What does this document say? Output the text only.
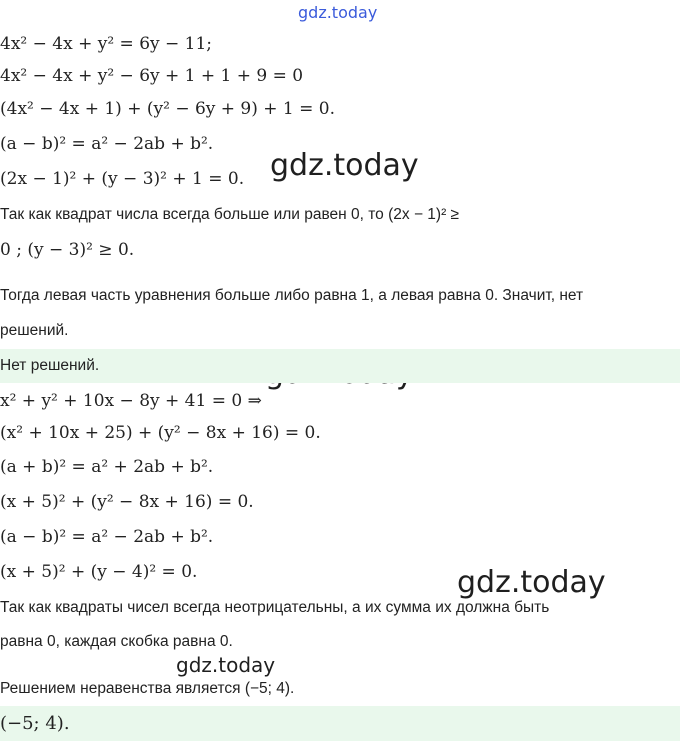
gdz.today
gdz.today
gdz.today
gdz.today
4x² − 4x + y² = 6y − 11;
4x² − 4x + y² − 6y + 1 + 1 + 9 = 0
(4x² − 4x + 1) + (y² − 6y + 9) + 1 = 0.
(a − b)² = a² − 2ab + b².
(2x − 1)² + (y − 3)² + 1 = 0.
Так как квадрат числа всегда больше или равен 0, то (2x − 1)² ≥
0 ; (y − 3)² ≥ 0.
Тогда левая часть уравнения больше либо равна 1, а левая равна 0. Значит, нет
решений.
Нет решений.
x² + y² + 10x − 8y + 41 = 0 ⇒
(x² + 10x + 25) + (y² − 8x + 16) = 0.
(a + b)² = a² + 2ab + b².
(x + 5)² + (y² − 8x + 16) = 0.
(a − b)² = a² − 2ab + b².
(x + 5)² + (y − 4)² = 0.
Так как квадраты чисел всегда неотрицательны, а их сумма их должна быть
равна 0, каждая скобка равна 0.
Решением неравенства является (−5; 4).
(−5; 4).
